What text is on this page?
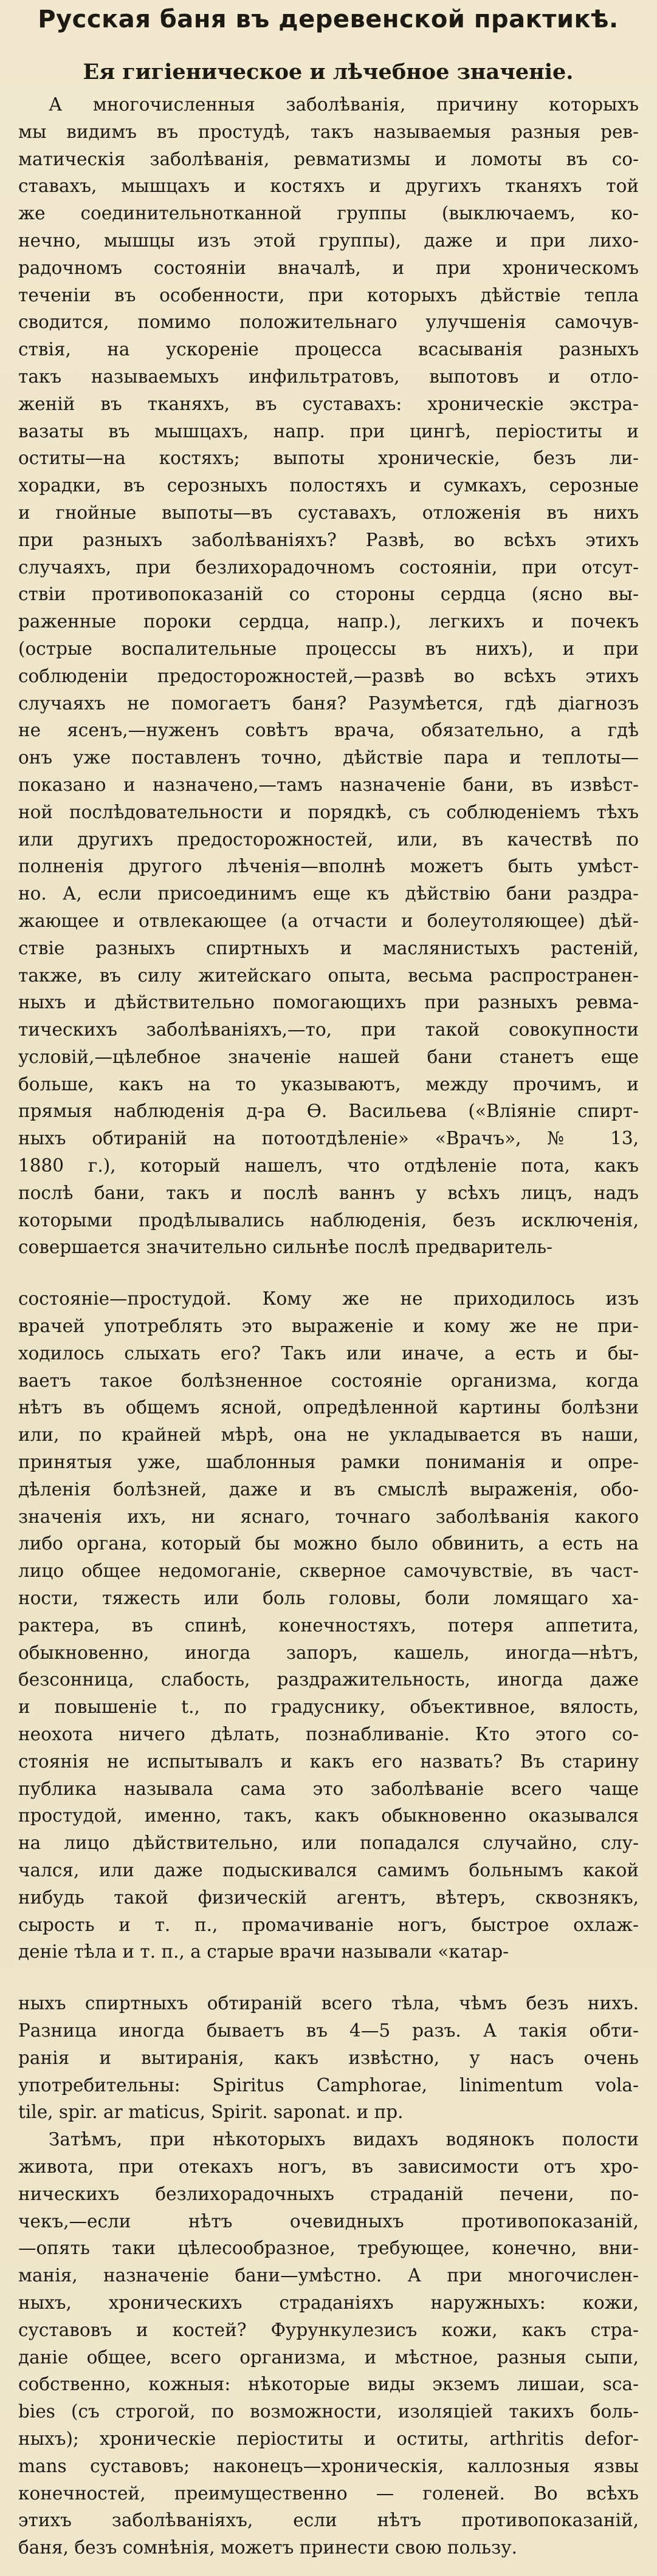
Русская баня въ деревенской практикѣ.
Ея гигіеническое и лѣчебное значеніе.
А многочисленныя заболѣванія, причину которыхъ
мы видимъ въ простудѣ, такъ называемыя разныя рев-
матическія заболѣванія, ревматизмы и ломоты въ со-
ставахъ, мышцахъ и костяхъ и другихъ тканяхъ той
же соединительнотканной группы (выключаемъ, ко-
нечно, мышцы изъ этой группы), даже и при лихо-
радочномъ состояніи вначалѣ, и при хроническомъ
теченіи въ особенности, при которыхъ дѣйствіе тепла
сводится, помимо положительнаго улучшенія самочув-
ствія, на ускореніе процесса всасыванія разныхъ
такъ называемыхъ инфильтратовъ, выпотовъ и отло-
женій въ тканяхъ, въ суставахъ: хроническіе экстра-
вазаты въ мышцахъ, напр. при цингѣ, періоститы и
оститы—на костяхъ; выпоты хроническіе, безъ ли-
хорадки, въ серозныхъ полостяхъ и сумкахъ, серозные
и гнойные выпоты—въ суставахъ, отложенія въ нихъ
при разныхъ заболѣваніяхъ? Развѣ, во всѣхъ этихъ
случаяхъ, при безлихорадочномъ состояніи, при отсут-
ствіи противопоказаній со стороны сердца (ясно вы-
раженные пороки сердца, напр.), легкихъ и почекъ
(острые воспалительные процессы въ нихъ), и при
соблюденіи предосторожностей,—развѣ во всѣхъ этихъ
случаяхъ не помогаетъ баня? Разумѣется, гдѣ діагнозъ
не ясенъ,—нуженъ совѣтъ врача, обязательно, а гдѣ
онъ уже поставленъ точно, дѣйствіе пара и теплоты—
показано и назначено,—тамъ назначеніе бани, въ извѣст-
ной послѣдовательности и порядкѣ, съ соблюденіемъ тѣхъ
или другихъ предосторожностей, или, въ качествѣ по
полненія другого лѣченія—вполнѣ можетъ быть умѣст-
но. А, если присоединимъ еще къ дѣйствію бани раздра-
жающее и отвлекающее (а отчасти и болеутоляющее) дѣй-
ствіе разныхъ спиртныхъ и маслянистыхъ растеній,
также, въ силу житейскаго опыта, весьма распространен-
ныхъ и дѣйствительно помогающихъ при разныхъ ревма-
тическихъ заболѣваніяхъ,—то, при такой совокупности
условій,—цѣлебное значеніе нашей бани станетъ еще
больше, какъ на то указываютъ, между прочимъ, и
прямыя наблюденія д-ра Ѳ. Васильева («Вліяніе спирт-
ныхъ обтираній на потоотдѣленіе» «Врачъ», № 13,
1880 г.), который нашелъ, что отдѣленіе пота, какъ
послѣ бани, такъ и послѣ ваннъ у всѣхъ лицъ, надъ
которыми продѣлывались наблюденія, безъ исключенія,
совершается значительно сильнѣе послѣ предваритель-
состояніе—простудой. Кому же не приходилось изъ
врачей употреблять это выраженіе и кому же не при-
ходилось слыхать его? Такъ или иначе, а есть и бы-
ваетъ такое болѣзненное состояніе организма, когда
нѣтъ въ общемъ ясной, опредѣленной картины болѣзни
или, по крайней мѣрѣ, она не укладывается въ наши,
принятыя уже, шаблонныя рамки пониманія и опре-
дѣленія болѣзней, даже и въ смыслѣ выраженія, обо-
значенія ихъ, ни яснаго, точнаго заболѣванія какого
либо органа, который бы можно было обвинить, а есть на
лицо общее недомоганіе, скверное самочувствіе, въ част-
ности, тяжесть или боль головы, боли ломящаго ха-
рактера, въ спинѣ, конечностяхъ, потеря аппетита,
обыкновенно, иногда запоръ, кашель, иногда—нѣтъ,
безсонница, слабость, раздражительность, иногда даже
и повышеніе t., по градуснику, объективное, вялость,
неохота ничего дѣлать, познабливаніе. Кто этого со-
стоянія не испытывалъ и какъ его назвать? Въ старину
публика называла сама это заболѣваніе всего чаще
простудой, именно, такъ, какъ обыкновенно оказывался
на лицо дѣйствительно, или попадался случайно, слу-
чался, или даже подыскивался самимъ больнымъ какой
нибудь такой физическій агентъ, вѣтеръ, сквознякъ,
сырость и т. п., промачиваніе ногъ, быстрое охлаж-
деніе тѣла и т. п., а старые врачи называли «катар-
ныхъ спиртныхъ обтираній всего тѣла, чѣмъ безъ нихъ.
Разница иногда бываетъ въ 4—5 разъ. А такія обти-
ранія и вытиранія, какъ извѣстно, у насъ очень
употребительны: Spiritus Camphorae, linimentum vola-
tile, spir. ar maticus, Spirit. saponat. и пр.
Затѣмъ, при нѣкоторыхъ видахъ водянокъ полости
живота, при отекахъ ногъ, въ зависимости отъ хро-
ническихъ безлихорадочныхъ страданій печени, по-
чекъ,—если нѣтъ очевидныхъ противопоказаній,
—опять таки цѣлесообразное, требующее, конечно, вни-
манія, назначеніе бани—умѣстно. А при многочислен-
ныхъ, хроническихъ страданіяхъ наружныхъ: кожи,
суставовъ и костей? Фурункулезисъ кожи, какъ стра-
даніе общее, всего организма, и мѣстное, разныя сыпи,
собственно, кожныя: нѣкоторые виды экземъ лишаи, sca-
bies (съ строгой, по возможности, изоляцiей такихъ боль-
ныхъ); хроническіе періоститы и оститы, arthritis defor-
mans суставовъ; наконецъ—хроническія, каллозныя язвы
конечностей, преимущественно — голеней. Во всѣхъ
этихъ заболѣваніяхъ, если нѣтъ противопоказаній,
баня, безъ сомнѣнія, можетъ принести свою пользу.
